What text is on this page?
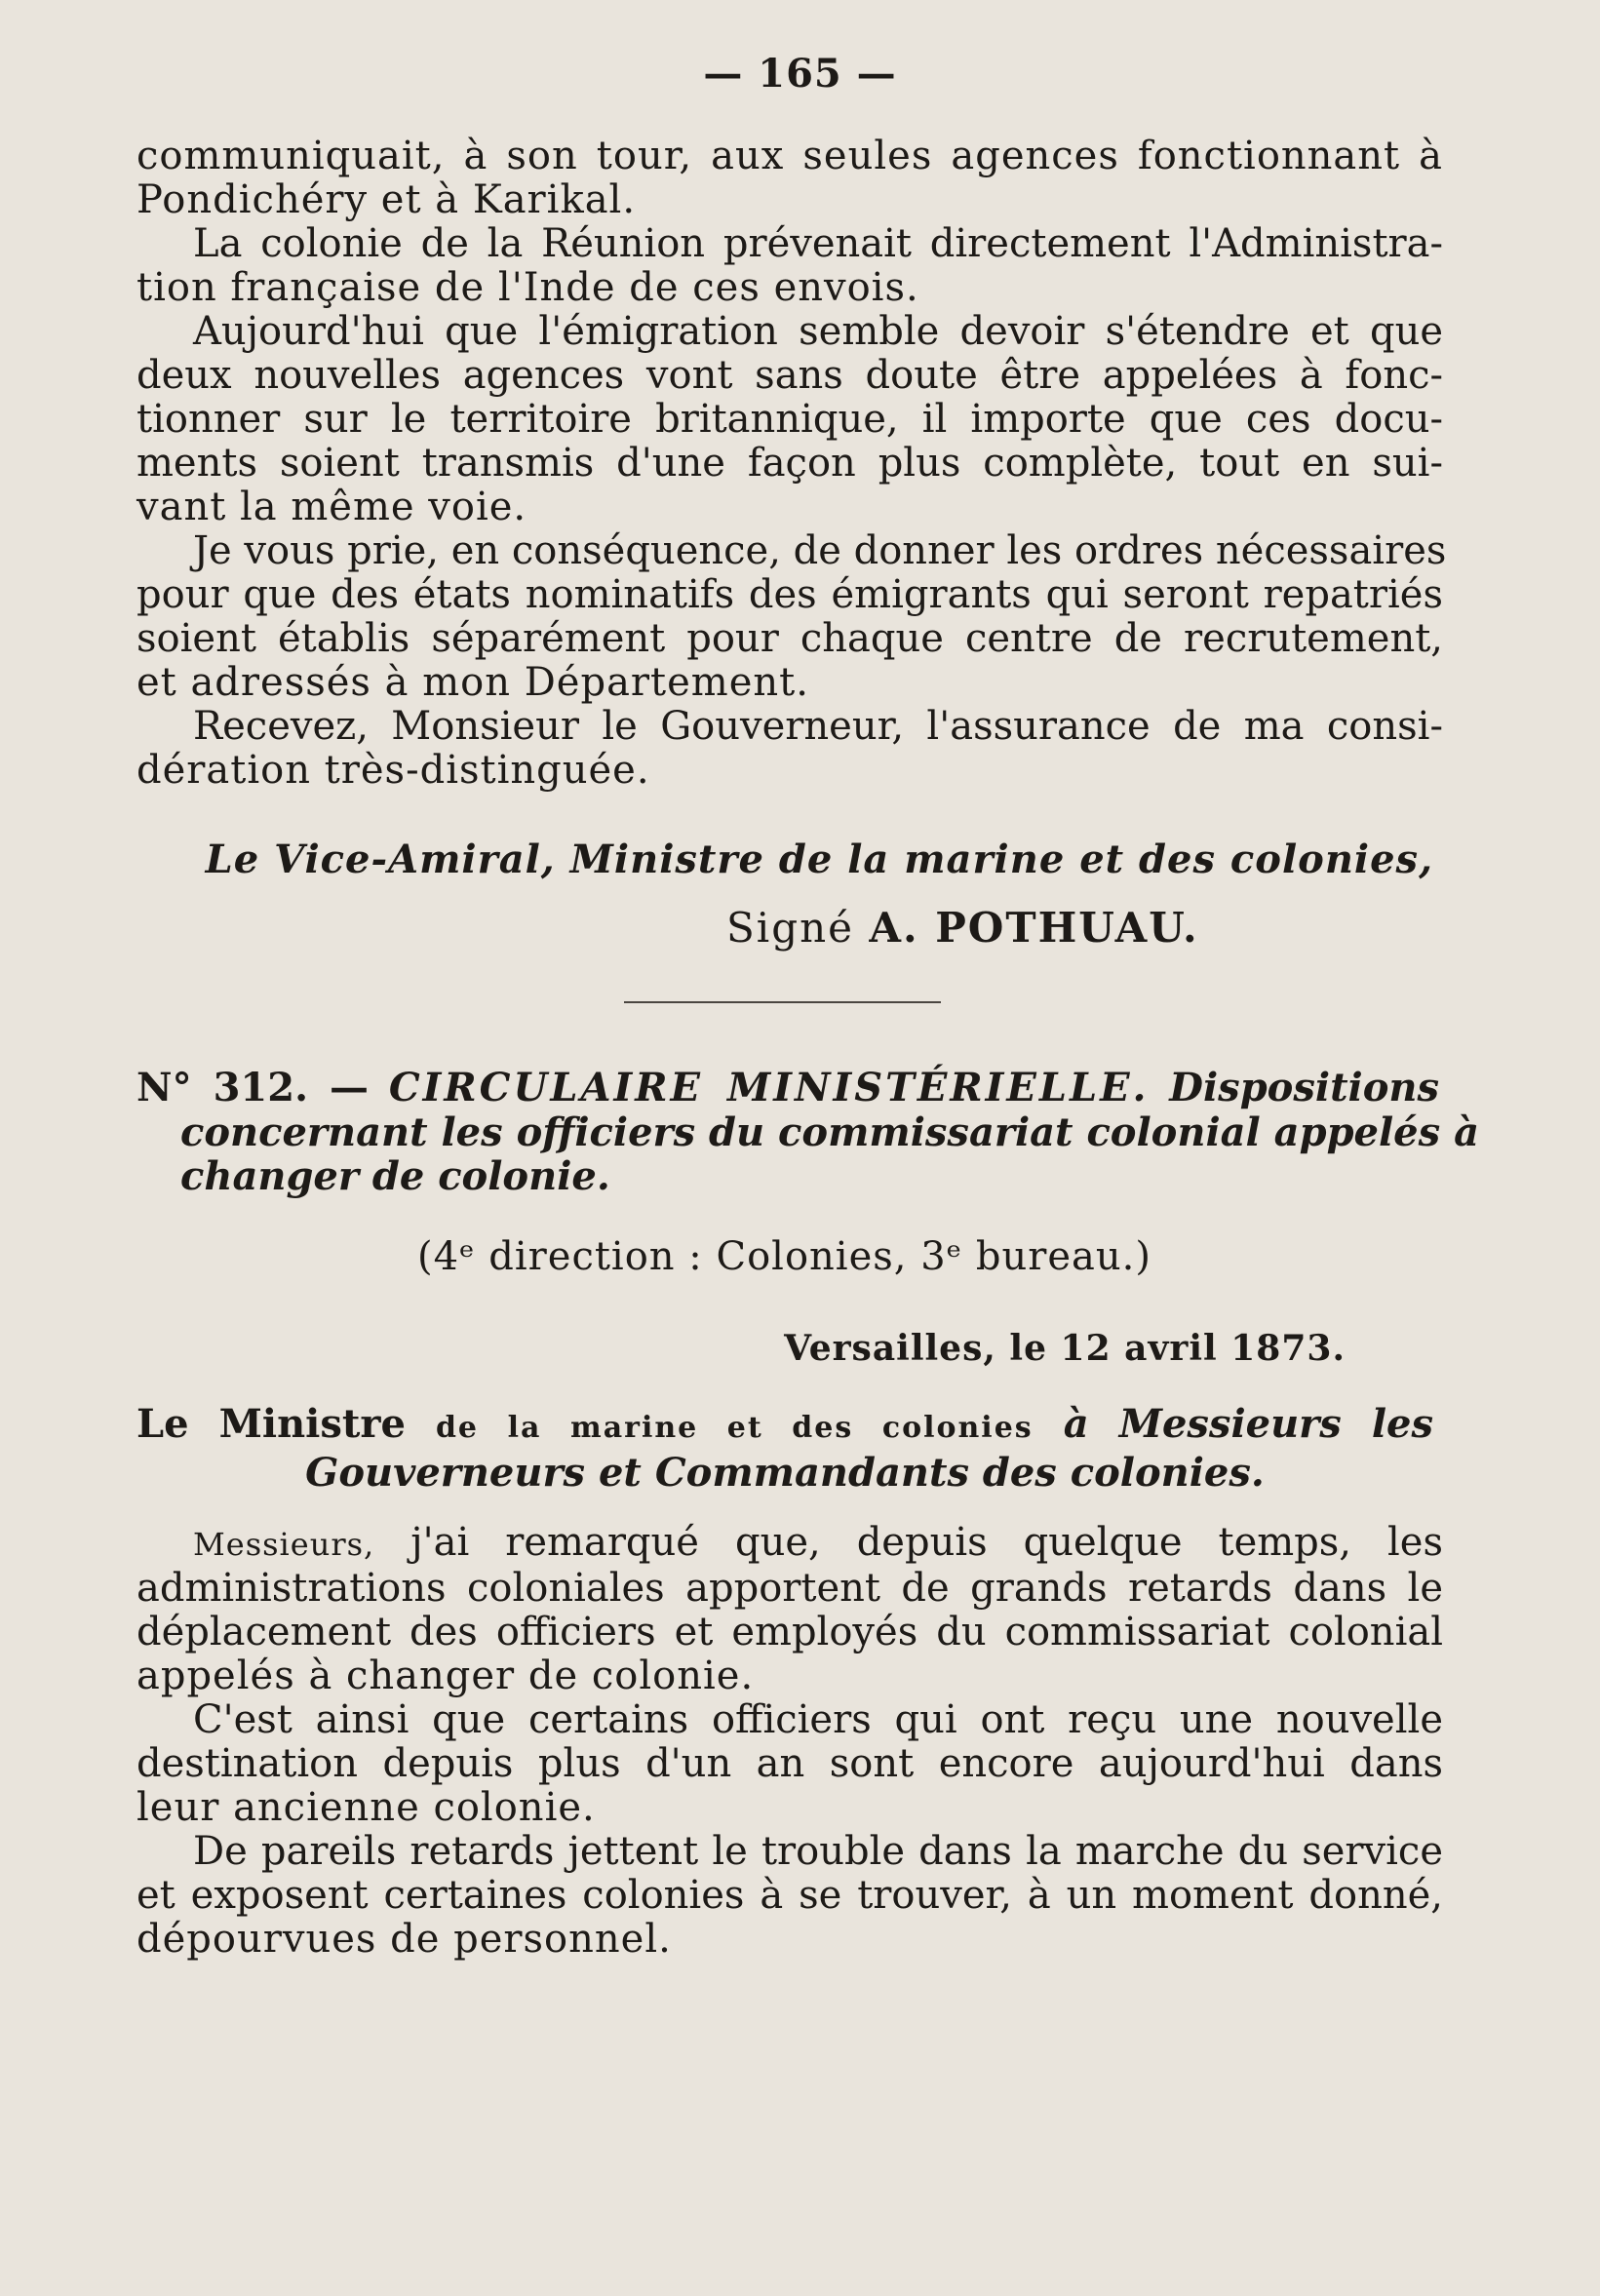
— 165 —
communiquait, à son tour, aux seules agences fonctionnant à
Pondichéry et à Karikal.
La colonie de la Réunion prévenait directement l'Administra-
tion française de l'Inde de ces envois.
Aujourd'hui que l'émigration semble devoir s'étendre et que
deux nouvelles agences vont sans doute être appelées à fonc-
tionner sur le territoire britannique, il importe que ces docu-
ments soient transmis d'une façon plus complète, tout en sui-
vant la même voie.
Je vous prie, en conséquence, de donner les ordres nécessaires
pour que des états nominatifs des émigrants qui seront repatriés
soient établis séparément pour chaque centre de recrutement,
et adressés à mon Département.
Recevez, Monsieur le Gouverneur, l'assurance de ma consi-
dération très-distinguée.
Le Vice-Amiral, Ministre de la marine et des colonies,
Signé A. POTHUAU.
N° 312. — CIRCULAIRE MINISTÉRIELLE. Dispositions
concernant les officiers du commissariat colonial appelés à
changer de colonie.
(4ᵉ direction : Colonies, 3ᵉ bureau.)
Versailles, le 12 avril 1873.
Le Ministre de la marine et des colonies à Messieurs les
Gouverneurs et Commandants des colonies.
Messieurs, j'ai remarqué que, depuis quelque temps, les
administrations coloniales apportent de grands retards dans le
déplacement des officiers et employés du commissariat colonial
appelés à changer de colonie.
C'est ainsi que certains officiers qui ont reçu une nouvelle
destination depuis plus d'un an sont encore aujourd'hui dans
leur ancienne colonie.
De pareils retards jettent le trouble dans la marche du service
et exposent certaines colonies à se trouver, à un moment donné,
dépourvues de personnel.
